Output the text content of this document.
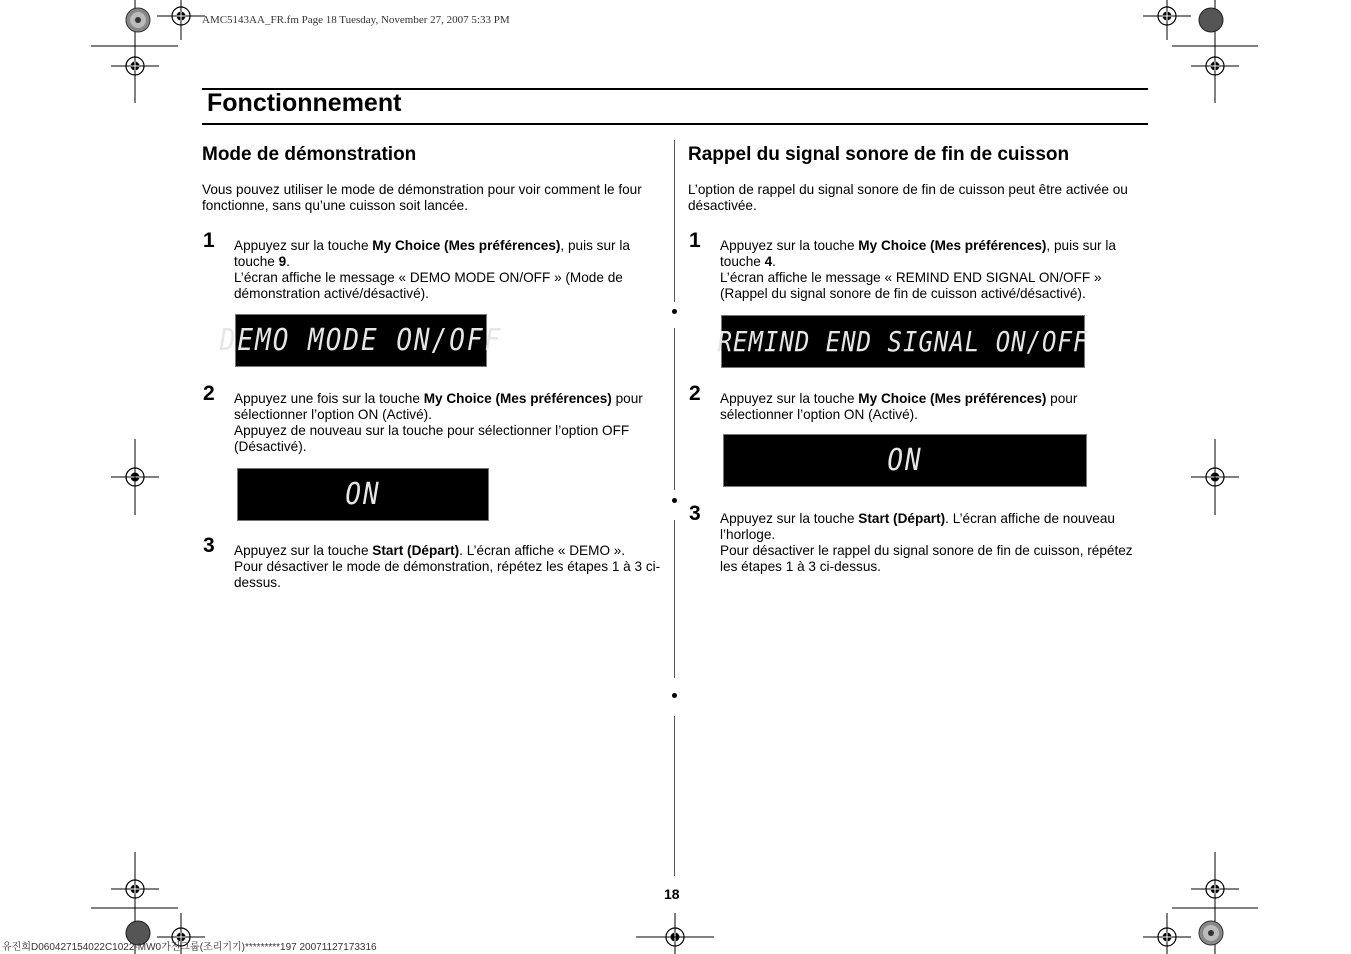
AMC5143AA_FR.fm Page 18 Tuesday, November 27, 2007 5:33 PM
Fonctionnement
Mode de démonstration
Vous pouvez utiliser le mode de démonstration pour voir comment le four fonctionne, sans qu’une cuisson soit lancée.
1 Appuyez sur la touche My Choice (Mes préférences), puis sur la touche 9.
L’écran affiche le message « DEMO MODE ON/OFF » (Mode de démonstration activé/désactivé).
DEMO MODE ON/OFF
2 Appuyez une fois sur la touche My Choice (Mes préférences) pour sélectionner l’option ON (Activé).
Appuyez de nouveau sur la touche pour sélectionner l’option OFF (Désactivé).
ON
3 Appuyez sur la touche Start (Départ). L’écran affiche « DEMO ».
Pour désactiver le mode de démonstration, répétez les étapes 1 à 3 ci-dessus.
Rappel du signal sonore de fin de cuisson
L’option de rappel du signal sonore de fin de cuisson peut être activée ou désactivée.
1 Appuyez sur la touche My Choice (Mes préférences), puis sur la touche 4.
L’écran affiche le message « REMIND END SIGNAL ON/OFF » (Rappel du signal sonore de fin de cuisson activé/désactivé).
REMIND END SIGNAL ON/OFF
2 Appuyez sur la touche My Choice (Mes préférences) pour sélectionner l’option ON (Activé).
ON
3 Appuyez sur la touche Start (Départ). L’écran affiche de nouveau l’horloge.
Pour désactiver le rappel du signal sonore de fin de cuisson, répétez les étapes 1 à 3 ci-dessus.
18
유진희D060427154022C1022-MW0가전그룹(조리기기)*********197 20071127173316
